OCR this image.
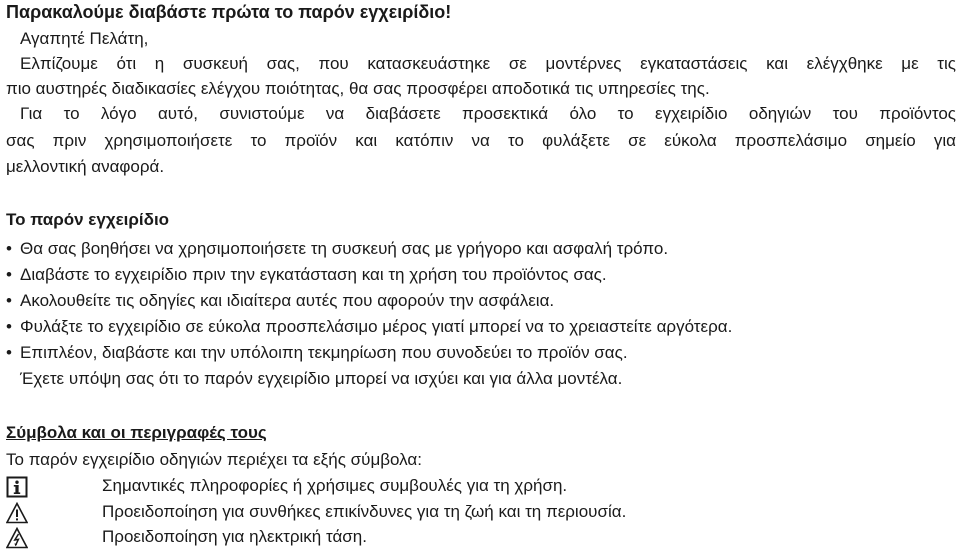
Παρακαλούμε διαβάστε πρώτα το παρόν εγχειρίδιο!
Αγαπητέ Πελάτη,
Ελπίζουμε ότι η συσκευή σας, που κατασκευάστηκε σε μοντέρνες εγκαταστάσεις και ελέγχθηκε με τις
πιο αυστηρές διαδικασίες ελέγχου ποιότητας, θα σας προσφέρει αποδοτικά τις υπηρεσίες της.
Για το λόγο αυτό, συνιστούμε να διαβάσετε προσεκτικά όλο το εγχειρίδιο οδηγιών του προϊόντος
σας πριν χρησιμοποιήσετε το προϊόν και κατόπιν να το φυλάξετε σε εύκολα προσπελάσιμο σημείο για
μελλοντική αναφορά.
Το παρόν εγχειρίδιο
• Θα σας βοηθήσει να χρησιμοποιήσετε τη συσκευή σας με γρήγορο και ασφαλή τρόπο.
• Διαβάστε το εγχειρίδιο πριν την εγκατάσταση και τη χρήση του προϊόντος σας.
• Ακολουθείτε τις οδηγίες και ιδιαίτερα αυτές που αφορούν την ασφάλεια.
• Φυλάξτε το εγχειρίδιο σε εύκολα προσπελάσιμο μέρος γιατί μπορεί να το χρειαστείτε αργότερα.
• Επιπλέον, διαβάστε και την υπόλοιπη τεκμηρίωση που συνοδεύει το προϊόν σας.
Έχετε υπόψη σας ότι το παρόν εγχειρίδιο μπορεί να ισχύει και για άλλα μοντέλα.
Σύμβολα και οι περιγραφές τους
Το παρόν εγχειρίδιο οδηγιών περιέχει τα εξής σύμβολα:
Σημαντικές πληροφορίες ή χρήσιμες συμβουλές για τη χρήση.
Προειδοποίηση για συνθήκες επικίνδυνες για τη ζωή και τη περιουσία.
Προειδοποίηση για ηλεκτρική τάση.
